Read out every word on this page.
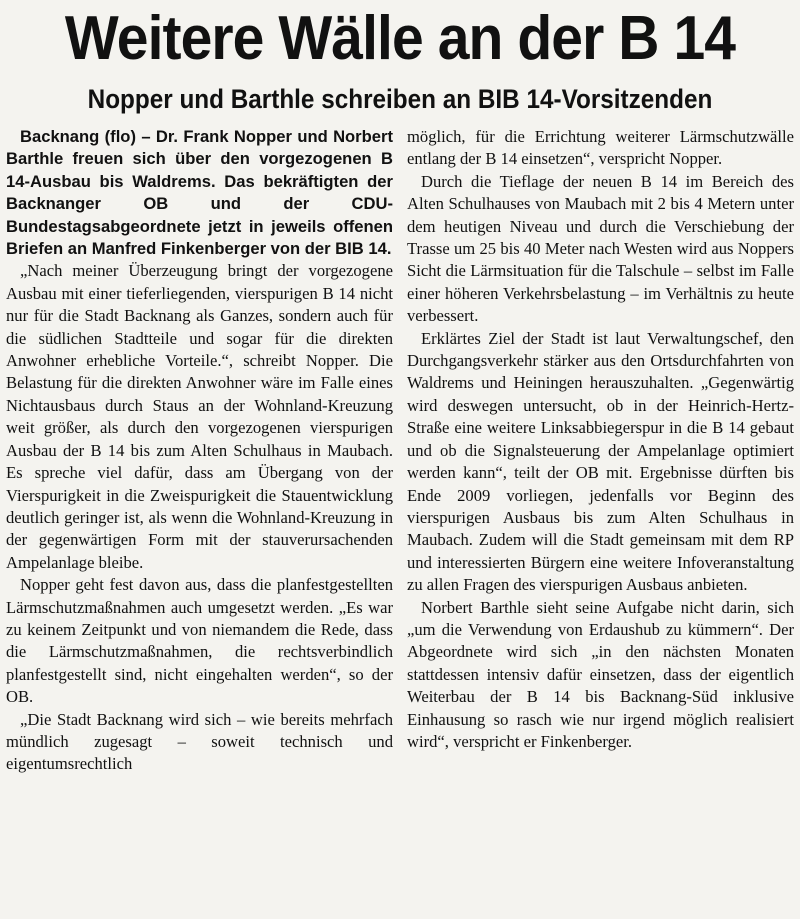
Weitere Wälle an der B 14
Nopper und Barthle schreiben an BIB 14-Vorsitzenden

Backnang (flo) – Dr. Frank Nopper und Norbert Barthle freuen sich über den vorgezogenen B 14-Ausbau bis Waldrems. Das bekräftigten der Backnanger OB und der CDU-Bundestagsabgeordnete jetzt in jeweils offenen Briefen an Manfred Finkenberger von der BIB 14.

„Nach meiner Überzeugung bringt der vorgezogene Ausbau mit einer tieferliegenden, vierspurigen B 14 nicht nur für die Stadt Backnang als Ganzes, sondern auch für die südlichen Stadtteile und sogar für die direkten Anwohner erhebliche Vorteile.“, schreibt Nopper. Die Belastung für die direkten Anwohner wäre im Falle eines Nichtausbaus durch Staus an der Wohnland-Kreuzung weit größer, als durch den vorgezogenen vierspurigen Ausbau der B 14 bis zum Alten Schulhaus in Maubach. Es spreche viel dafür, dass am Übergang von der Vierspurigkeit in die Zweispurigkeit die Stauentwicklung deutlich geringer ist, als wenn die Wohnland-Kreuzung in der gegenwärtigen Form mit der stauverursachenden Ampelanlage bleibe.

Nopper geht fest davon aus, dass die planfestgestellten Lärmschutzmaßnahmen auch umgesetzt werden. „Es war zu keinem Zeitpunkt und von niemandem die Rede, dass die Lärmschutzmaßnahmen, die rechtsverbindlich planfestgestellt sind, nicht eingehalten werden“, so der OB.

„Die Stadt Backnang wird sich – wie bereits mehrfach mündlich zugesagt – soweit technisch und eigentumsrechtlich

möglich, für die Errichtung weiterer Lärmschutzwälle entlang der B 14 einsetzen“, verspricht Nopper.

Durch die Tieflage der neuen B 14 im Bereich des Alten Schulhauses von Maubach mit 2 bis 4 Metern unter dem heutigen Niveau und durch die Verschiebung der Trasse um 25 bis 40 Meter nach Westen wird aus Noppers Sicht die Lärmsituation für die Talschule – selbst im Falle einer höheren Verkehrsbelastung – im Verhältnis zu heute verbessert.

Erklärtes Ziel der Stadt ist laut Verwaltungschef, den Durchgangsverkehr stärker aus den Ortsdurchfahrten von Waldrems und Heiningen herauszuhalten. „Gegenwärtig wird deswegen untersucht, ob in der Heinrich-Hertz-Straße eine weitere Linksabbiegerspur in die B 14 gebaut und ob die Signalsteuerung der Ampelanlage optimiert werden kann“, teilt der OB mit. Ergebnisse dürften bis Ende 2009 vorliegen, jedenfalls vor Beginn des vierspurigen Ausbaus bis zum Alten Schulhaus in Maubach. Zudem will die Stadt gemeinsam mit dem RP und interessierten Bürgern eine weitere Infoveranstaltung zu allen Fragen des vierspurigen Ausbaus anbieten.

Norbert Barthle sieht seine Aufgabe nicht darin, sich „um die Verwendung von Erdaushub zu kümmern“. Der Abgeordnete wird sich „in den nächsten Monaten stattdessen intensiv dafür einsetzen, dass der eigentlich Weiterbau der B 14 bis Backnang-Süd inklusive Einhausung so rasch wie nur irgend möglich realisiert wird“, verspricht er Finkenberger.
